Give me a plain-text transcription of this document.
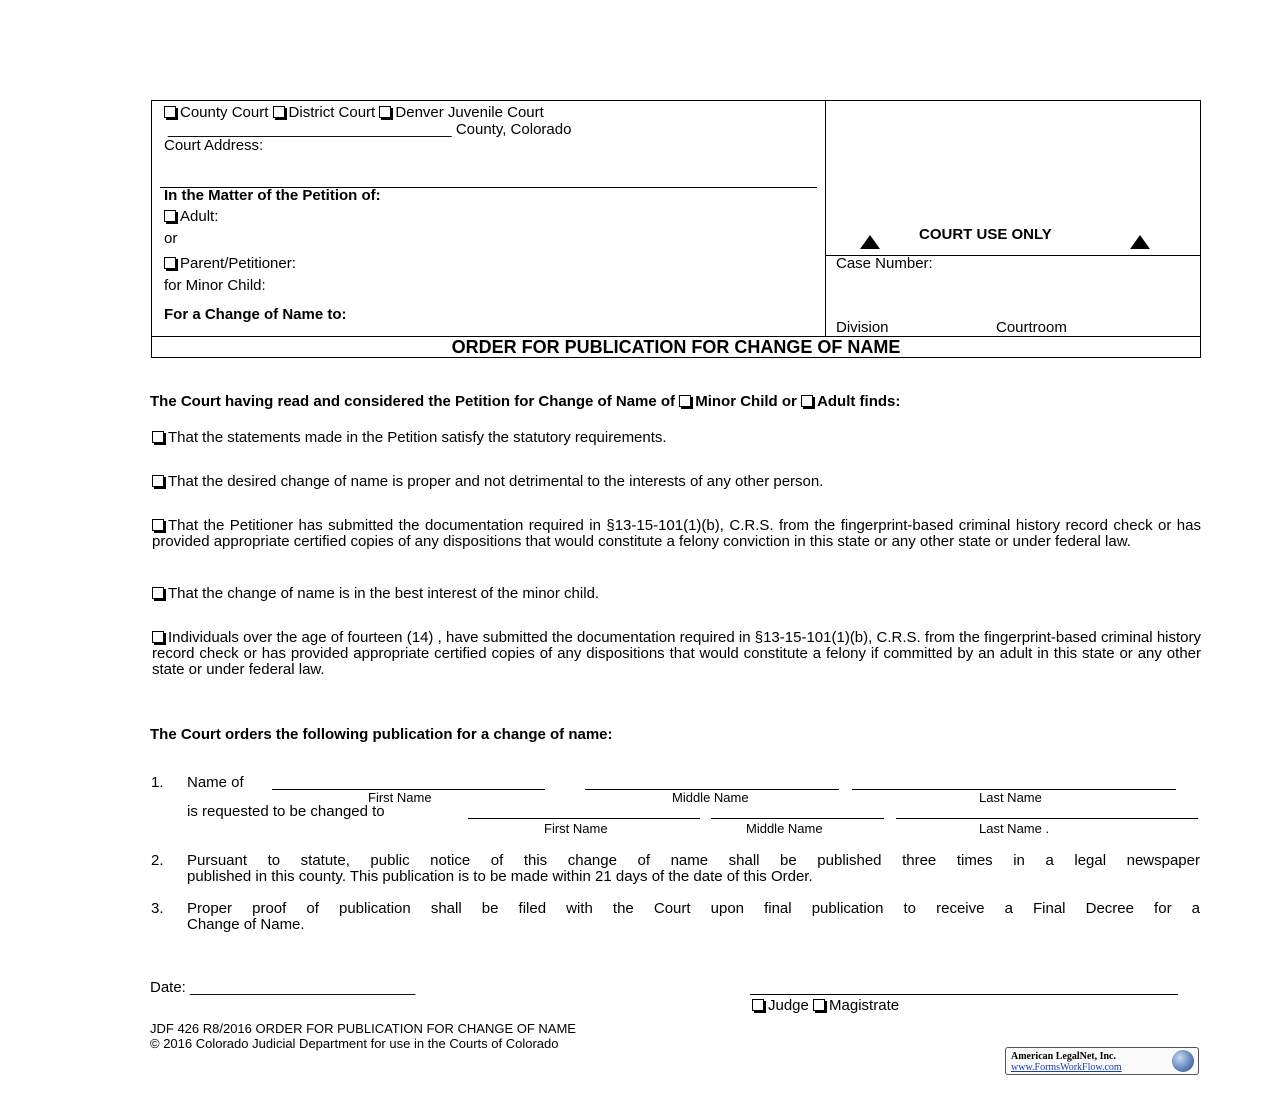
County Court District Court Denver Juvenile Court
__________________________________ County, Colorado
Court Address:
In the Matter of the Petition of:
Adult:
or
Parent/Petitioner:
for Minor Child:
For a Change of Name to:
COURT USE ONLY
Case Number:
Division	Courtroom
ORDER FOR PUBLICATION FOR CHANGE OF NAME
The Court having read and considered the Petition for Change of Name of Minor Child or Adult finds:
That the statements made in the Petition satisfy the statutory requirements.
That the desired change of name is proper and not detrimental to the interests of any other person.
That the Petitioner has submitted the documentation required in §13-15-101(1)(b), C.R.S. from the fingerprint-based criminal history record check or has provided appropriate certified copies of any dispositions that would constitute a felony conviction in this state or any other state or under federal law.
That the change of name is in the best interest of the minor child.
Individuals over the age of fourteen (14) , have submitted the documentation required in §13-15-101(1)(b), C.R.S. from the fingerprint-based criminal history record check or has provided appropriate certified copies of any dispositions that would constitute a felony if committed by an adult in this state or any other state or under federal law.
The Court orders the following publication for a change of name:
1. Name of
First Name	Middle Name	Last Name
is requested to be changed to
First Name	Middle Name	Last Name .
2. Pursuant to statute, public notice of this change of name shall be published three times in a legal newspaper
published in this county. This publication is to be made within 21 days of the date of this Order.
3. Proper proof of publication shall be filed with the Court upon final publication to receive a Final Decree for a
Change of Name.
Date: ___________________________
Judge Magistrate
JDF 426 R8/2016 ORDER FOR PUBLICATION FOR CHANGE OF NAME
© 2016 Colorado Judicial Department for use in the Courts of Colorado
American LegalNet, Inc.
www.FormsWorkFlow.com
